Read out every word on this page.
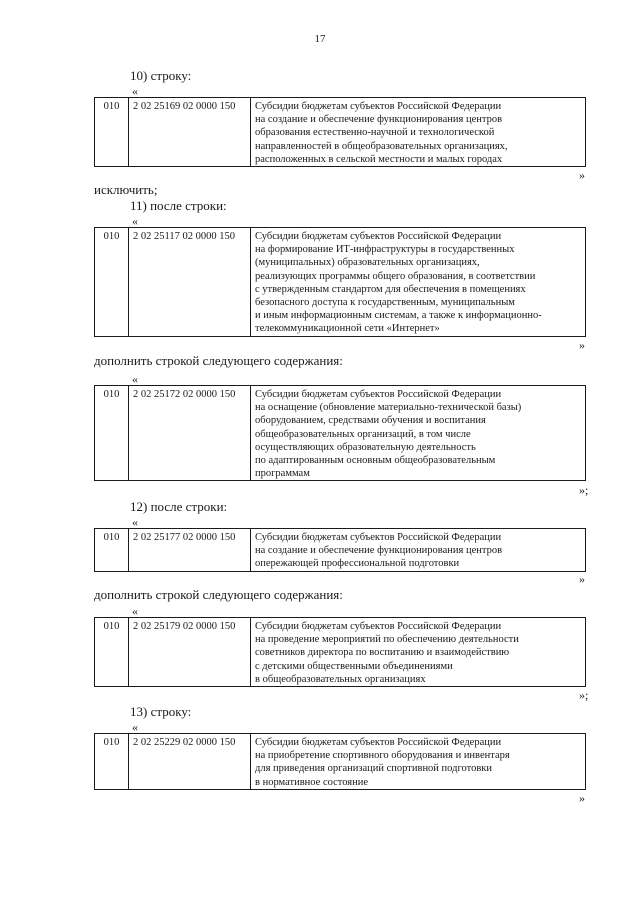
17
10) строку:
«
010	2 02 25169 02 0000 150	Субсидии бюджетам субъектов Российской Федерации
на создание и обеспечение функционирования центров
образования естественно-научной и технологической
направленностей в общеобразовательных организациях,
расположенных в сельской местности и малых городах
»
исключить;
11) после строки:
«
010	2 02 25117 02 0000 150	Субсидии бюджетам субъектов Российской Федерации
на формирование ИТ-инфраструктуры в государственных
(муниципальных) образовательных организациях,
реализующих программы общего образования, в соответствии
с утвержденным стандартом для обеспечения в помещениях
безопасного доступа к государственным, муниципальным
и иным информационным системам, а также к информационно-
телекоммуникационной сети «Интернет»
»
дополнить строкой следующего содержания:
«
010	2 02 25172 02 0000 150	Субсидии бюджетам субъектов Российской Федерации
на оснащение (обновление материально-технической базы)
оборудованием, средствами обучения и воспитания
общеобразовательных организаций, в том числе
осуществляющих образовательную деятельность
по адаптированным основным общеобразовательным
программам
»;
12) после строки:
«
010	2 02 25177 02 0000 150	Субсидии бюджетам субъектов Российской Федерации
на создание и обеспечение функционирования центров
опережающей профессиональной подготовки
»
дополнить строкой следующего содержания:
«
010	2 02 25179 02 0000 150	Субсидии бюджетам субъектов Российской Федерации
на проведение мероприятий по обеспечению деятельности
советников директора по воспитанию и взаимодействию
с детскими общественными объединениями
в общеобразовательных организациях
»;
13) строку:
«
010	2 02 25229 02 0000 150	Субсидии бюджетам субъектов Российской Федерации
на приобретение спортивного оборудования и инвентаря
для приведения организаций спортивной подготовки
в нормативное состояние
»
